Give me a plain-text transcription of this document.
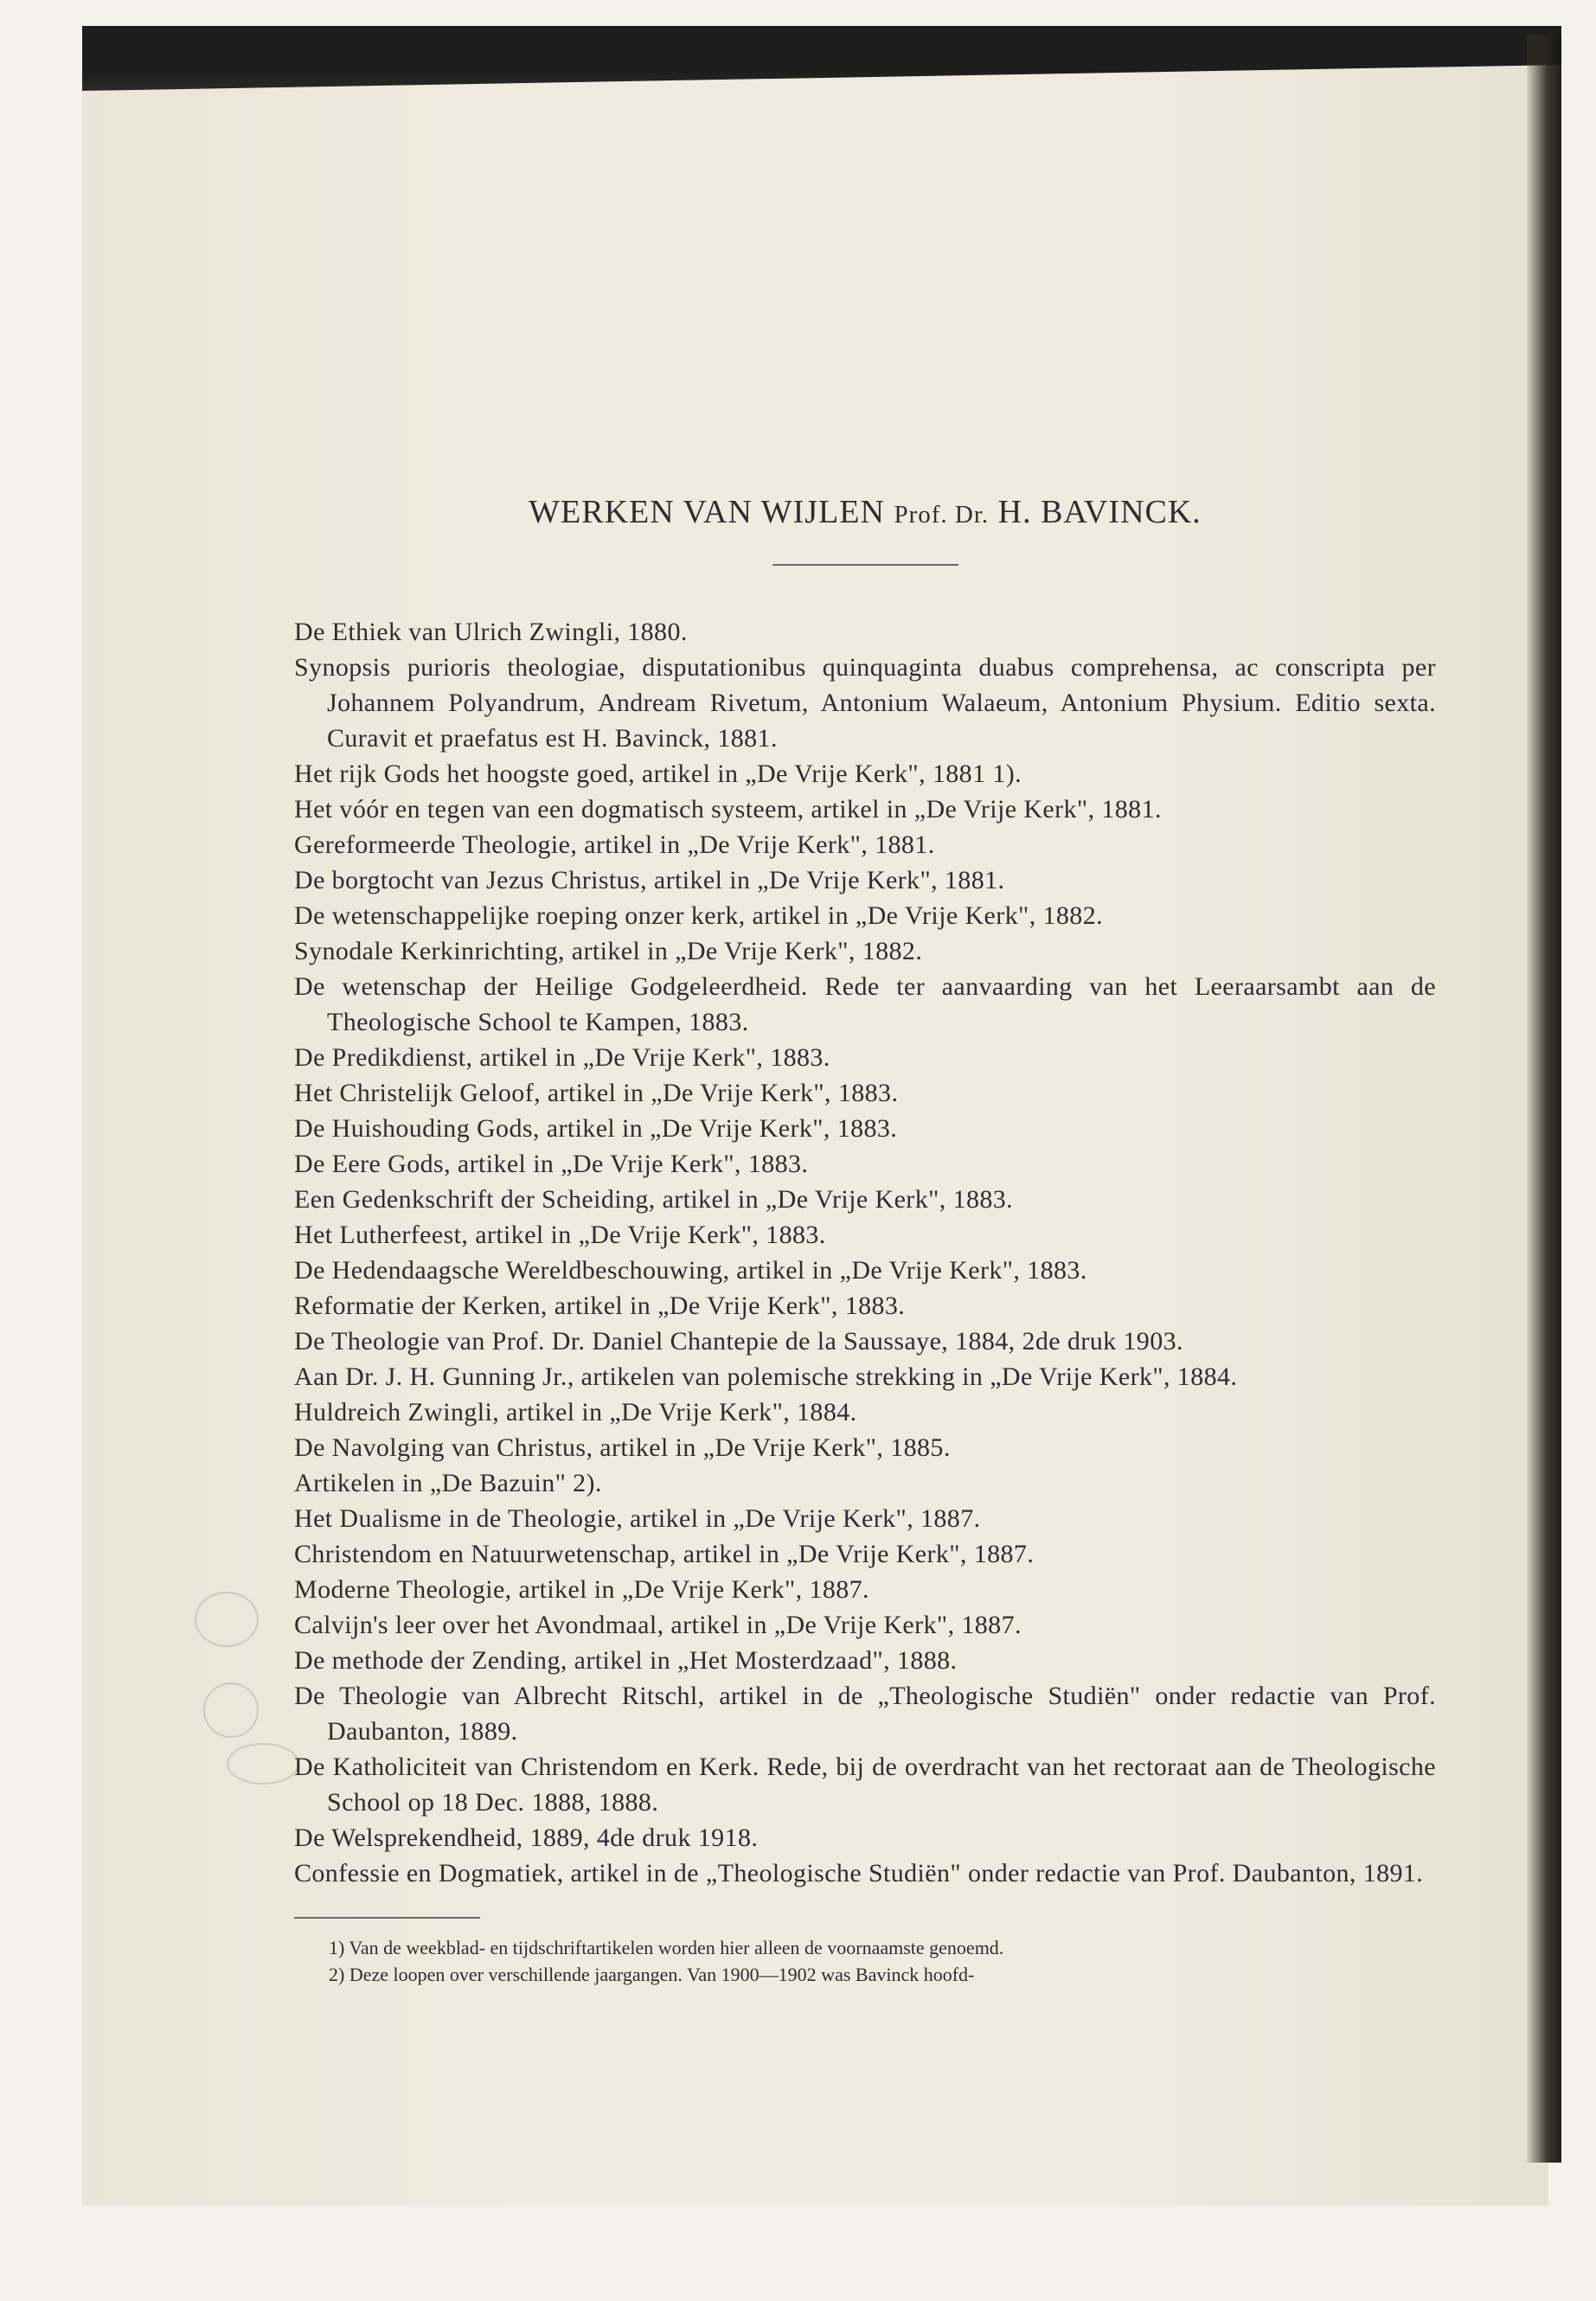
WERKEN VAN WIJLEN Prof. Dr. H. BAVINCK.
De Ethiek van Ulrich Zwingli, 1880.
Synopsis purioris theologiae, disputationibus quinquaginta duabus comprehensa, ac conscripta per Johannem Polyandrum, Andream Rivetum, Antonium Walaeum, Antonium Physium. Editio sexta. Curavit et praefatus est H. Bavinck, 1881.
Het rijk Gods het hoogste goed, artikel in „De Vrije Kerk", 1881 1).
Het vóór en tegen van een dogmatisch systeem, artikel in „De Vrije Kerk", 1881.
Gereformeerde Theologie, artikel in „De Vrije Kerk", 1881.
De borgtocht van Jezus Christus, artikel in „De Vrije Kerk", 1881.
De wetenschappelijke roeping onzer kerk, artikel in „De Vrije Kerk", 1882.
Synodale Kerkinrichting, artikel in „De Vrije Kerk", 1882.
De wetenschap der Heilige Godgeleerdheid. Rede ter aanvaarding van het Leeraarsambt aan de Theologische School te Kampen, 1883.
De Predikdienst, artikel in „De Vrije Kerk", 1883.
Het Christelijk Geloof, artikel in „De Vrije Kerk", 1883.
De Huishouding Gods, artikel in „De Vrije Kerk", 1883.
De Eere Gods, artikel in „De Vrije Kerk", 1883.
Een Gedenkschrift der Scheiding, artikel in „De Vrije Kerk", 1883.
Het Lutherfeest, artikel in „De Vrije Kerk", 1883.
De Hedendaagsche Wereldbeschouwing, artikel in „De Vrije Kerk", 1883.
Reformatie der Kerken, artikel in „De Vrije Kerk", 1883.
De Theologie van Prof. Dr. Daniel Chantepie de la Saussaye, 1884, 2de druk 1903.
Aan Dr. J. H. Gunning Jr., artikelen van polemische strekking in „De Vrije Kerk", 1884.
Huldreich Zwingli, artikel in „De Vrije Kerk", 1884.
De Navolging van Christus, artikel in „De Vrije Kerk", 1885.
Artikelen in „De Bazuin" 2).
Het Dualisme in de Theologie, artikel in „De Vrije Kerk", 1887.
Christendom en Natuurwetenschap, artikel in „De Vrije Kerk", 1887.
Moderne Theologie, artikel in „De Vrije Kerk", 1887.
Calvijn's leer over het Avondmaal, artikel in „De Vrije Kerk", 1887.
De methode der Zending, artikel in „Het Mosterdzaad", 1888.
De Theologie van Albrecht Ritschl, artikel in de „Theologische Studiën" onder redactie van Prof. Daubanton, 1889.
De Katholiciteit van Christendom en Kerk. Rede, bij de overdracht van het rectoraat aan de Theologische School op 18 Dec. 1888, 1888.
De Welsprekendheid, 1889, 4de druk 1918.
Confessie en Dogmatiek, artikel in de „Theologische Studiën" onder redactie van Prof. Daubanton, 1891.
1) Van de weekblad- en tijdschriftartikelen worden hier alleen de voornaamste genoemd.
2) Deze loopen over verschillende jaargangen. Van 1900—1902 was Bavinck hoofd-
